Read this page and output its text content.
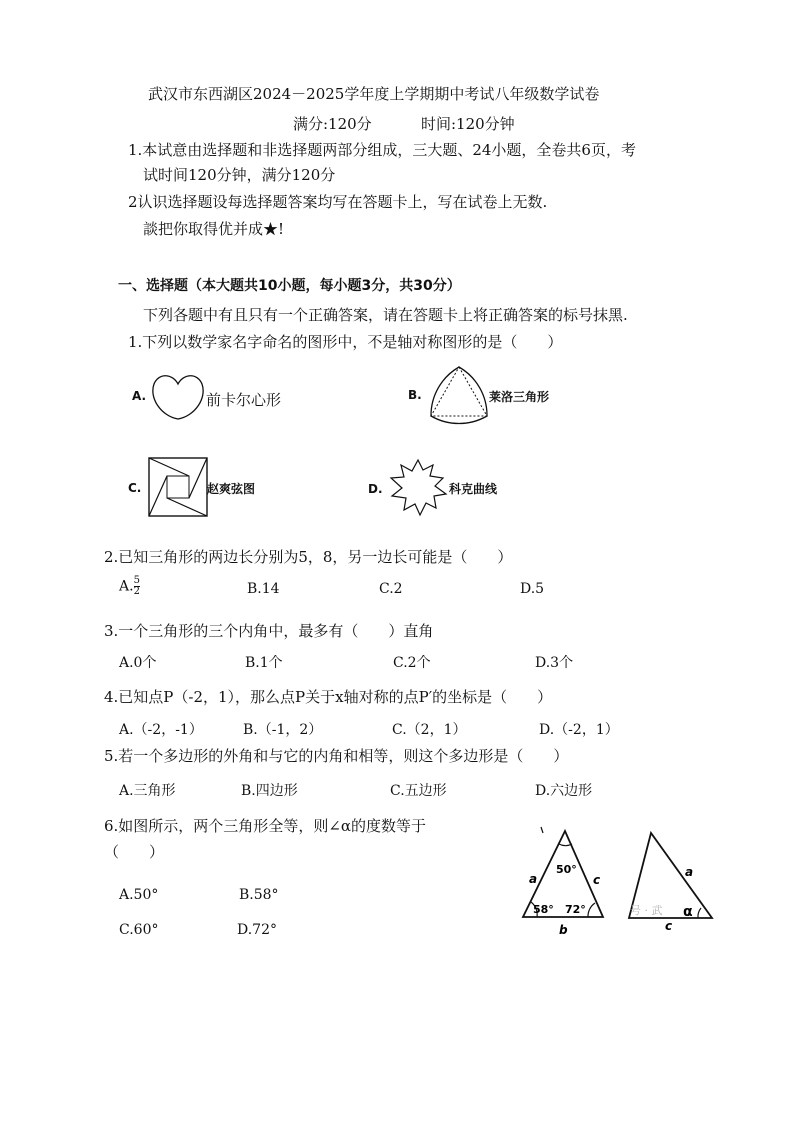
武汉市东西湖区2024－2025学年度上学期期中考试八年级数学试卷
满分:120分	时间:120分钟
1.本试意由选择题和非选择题两部分组成，三大题、24小题，全卷共6页，考
试时间120分钟，满分120分
2认识选择题设每选择题答案均写在答题卡上，写在试卷上无数.
談把你取得优并成★!
一、选择题（本大题共10小题，每小题3分，共30分）
下列各题中有且只有一个正确答案，请在答题卡上将正确答案的标号抹黑.
1.下列以数学家名字命名的图形中，不是轴对称图形的是（　　）
A.	前卡尔心形	B.	莱洛三角形
C.	赵爽弦图	D.	科克曲线
2.已知三角形的两边长分别为5，8，另一边长可能是（　　）
A. $\frac{5}{2}$	B.14	C.2	D.5
3.一个三角形的三个内角中，最多有（　　）直角
A.0个	B.1个	C.2个	D.3个
4.已知点P（-2，1），那么点P关于x轴对称的点P′的坐标是（　　）
A.（-2，-1）	B.（-1，2）	C.（2，1）	D.（-2，1）
5.若一个多边形的外角和与它的内角和相等，则这个多边形是（　　）
A.三角形	B.四边形	C.五边形	D.六边形
6.如图所示，两个三角形全等，则∠α的度数等于
（　　）
A.50°	B.58°
C.60°	D.72°
50°
58° 72°
a	c
b
a
c
α
号 · 武
